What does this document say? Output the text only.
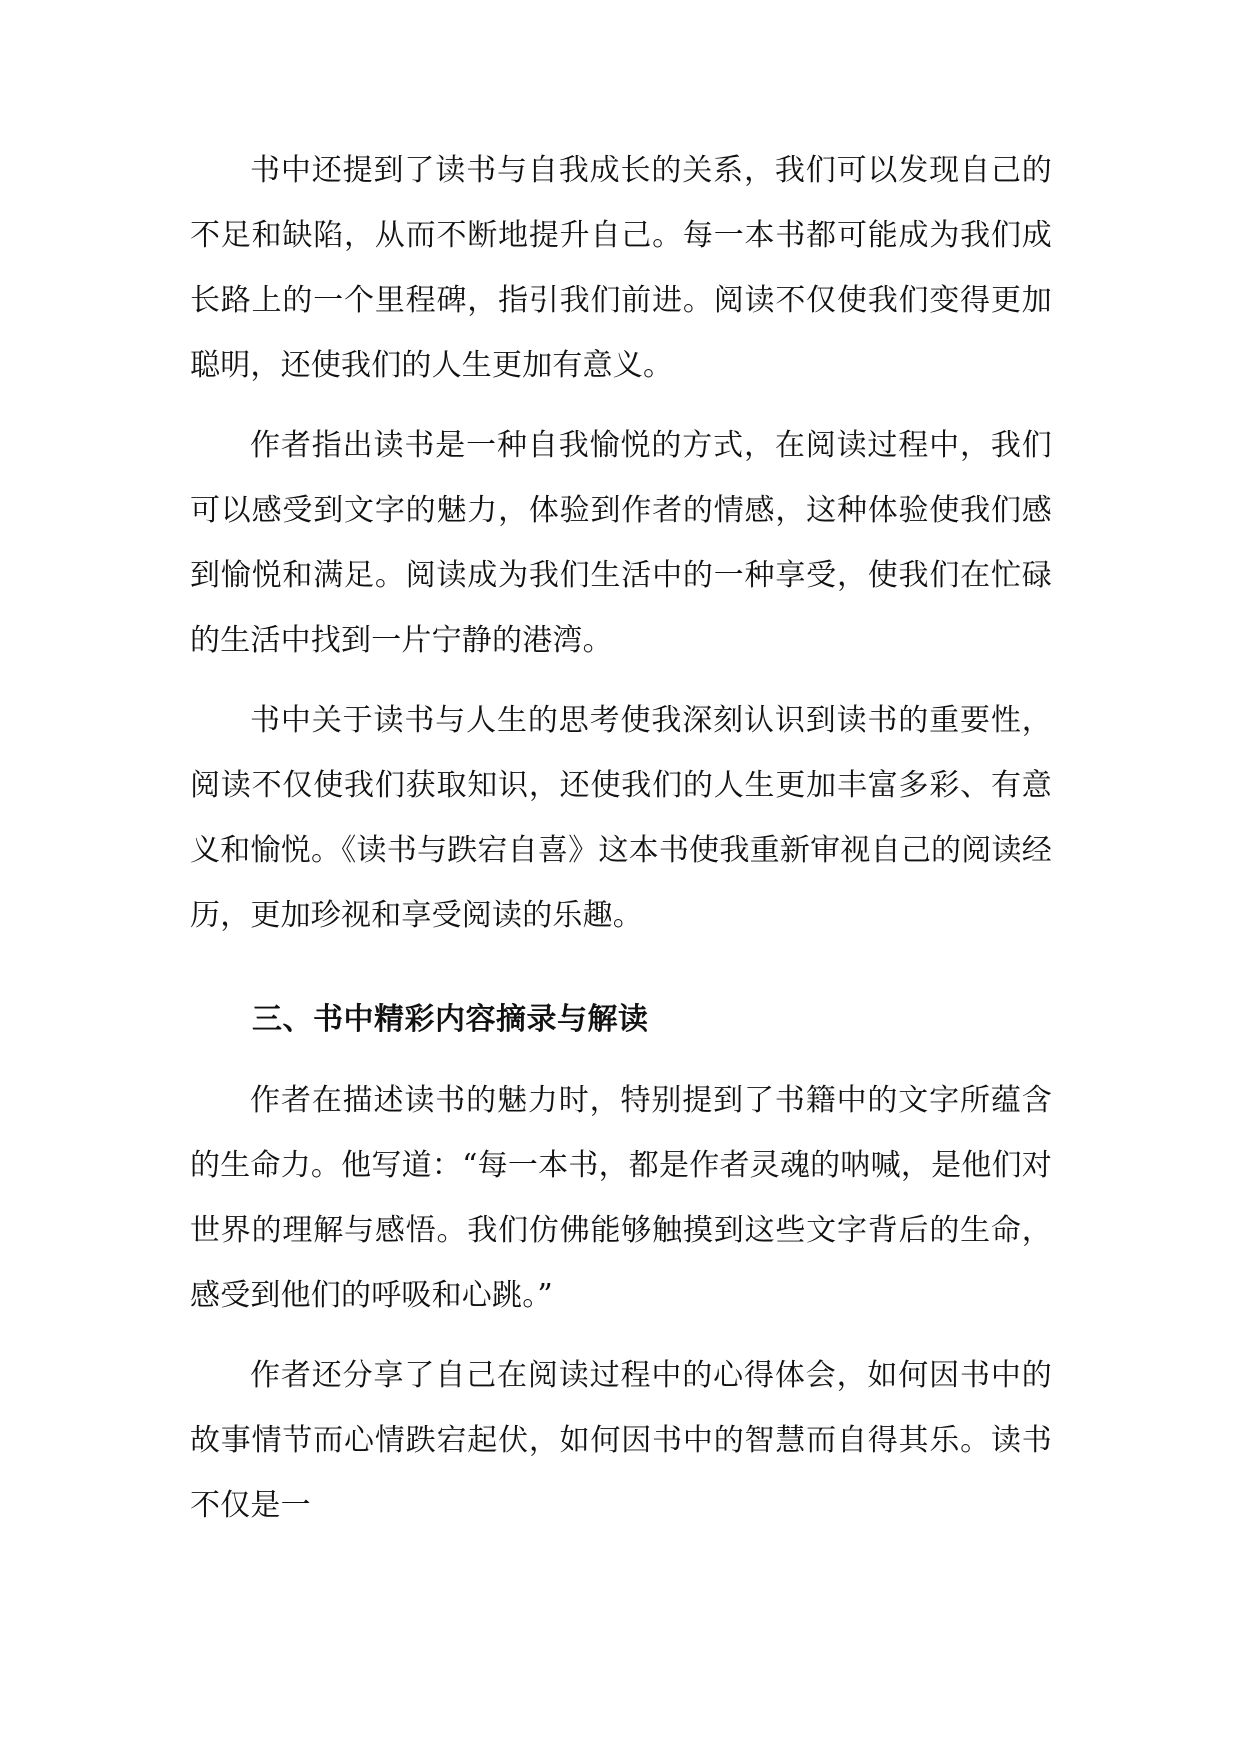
书中还提到了读书与自我成长的关系，我们可以发现自己的不足和缺陷，从而不断地提升自己。每一本书都可能成为我们成长路上的一个里程碑，指引我们前进。阅读不仅使我们变得更加聪明，还使我们的人生更加有意义。

作者指出读书是一种自我愉悦的方式，在阅读过程中，我们可以感受到文字的魅力，体验到作者的情感，这种体验使我们感到愉悦和满足。阅读成为我们生活中的一种享受，使我们在忙碌的生活中找到一片宁静的港湾。

书中关于读书与人生的思考使我深刻认识到读书的重要性，阅读不仅使我们获取知识，还使我们的人生更加丰富多彩、有意义和愉悦。《读书与跌宕自喜》这本书使我重新审视自己的阅读经历，更加珍视和享受阅读的乐趣。

三、书中精彩内容摘录与解读

作者在描述读书的魅力时，特别提到了书籍中的文字所蕴含的生命力。他写道：“每一本书，都是作者灵魂的呐喊，是他们对世界的理解与感悟。我们仿佛能够触摸到这些文字背后的生命，感受到他们的呼吸和心跳。”

作者还分享了自己在阅读过程中的心得体会，如何因书中的故事情节而心情跌宕起伏，如何因书中的智慧而自得其乐。读书不仅是一
